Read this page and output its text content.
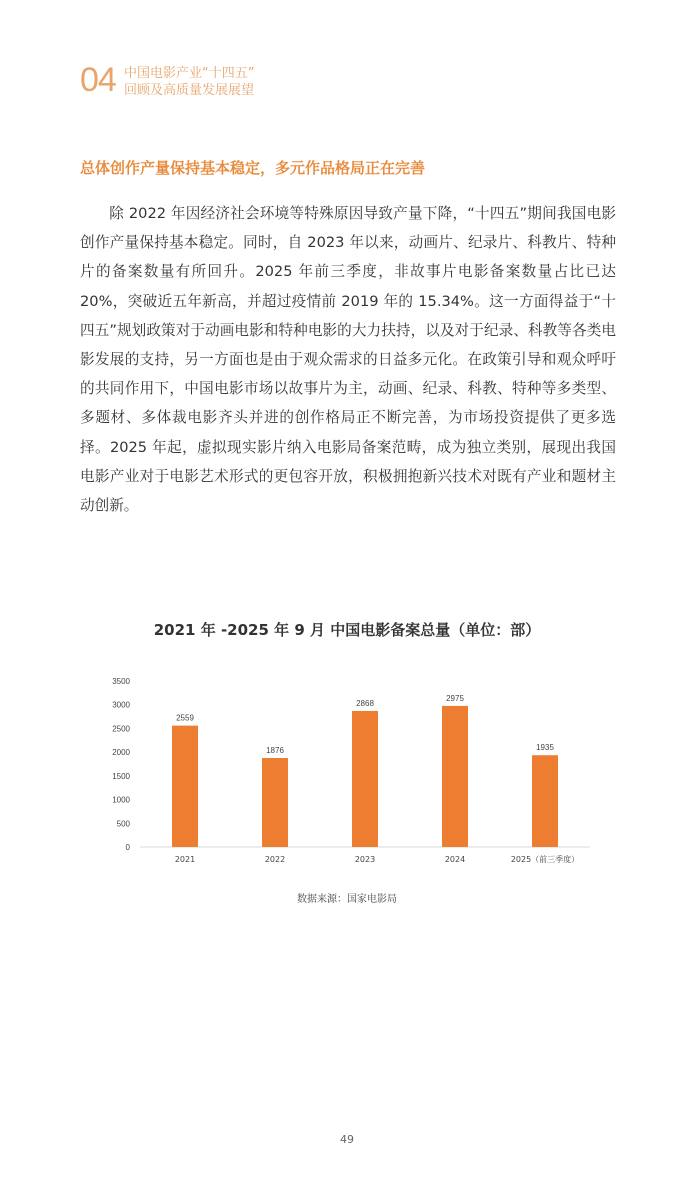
04 中国电影产业“十四五”
回顾及高质量发展展望
总体创作产量保持基本稳定，多元作品格局正在完善

除 2022 年因经济社会环境等特殊原因导致产量下降，“十四五”期间我国电影创作产量保持基本稳定。同时，自 2023 年以来，动画片、纪录片、科教片、特种片的备案数量有所回升。2025 年前三季度，非故事片电影备案数量占比已达 20%，突破近五年新高，并超过疫情前 2019 年的 15.34%。这一方面得益于“十四五”规划政策对于动画电影和特种电影的大力扶持，以及对于纪录、科教等各类电影发展的支持，另一方面也是由于观众需求的日益多元化。在政策引导和观众呼吁的共同作用下，中国电影市场以故事片为主，动画、纪录、科教、特种等多类型、多题材、多体裁电影齐头并进的创作格局正不断完善，为市场投资提供了更多选择。2025 年起，虚拟现实影片纳入电影局备案范畴，成为独立类别，展现出我国电影产业对于电影艺术形式的更包容开放，积极拥抱新兴技术对既有产业和题材主动创新。

2021 年 -2025 年 9 月 中国电影备案总量（单位：部）
0
500
1000
1500
2000
2500
3000
3500
2559
2021
1876
2022
2868
2023
2975
2024
1935
2025（前三季度）
数据来源：国家电影局
49
